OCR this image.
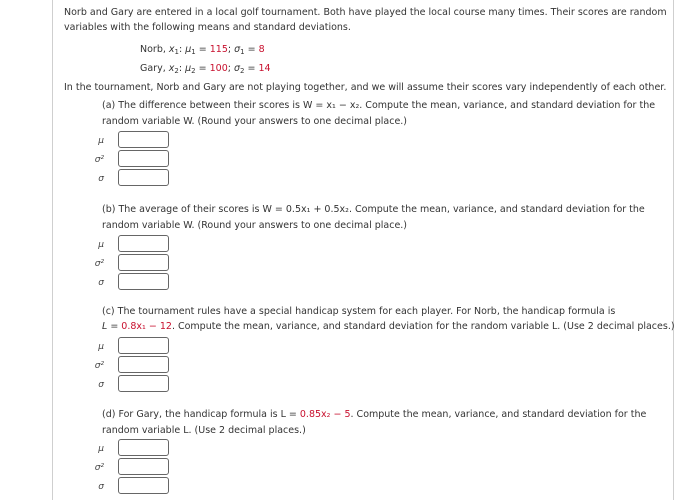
Norb and Gary are entered in a local golf tournament. Both have played the local course many times. Their scores are random
variables with the following means and standard deviations.
Norb, $x_1$: $\mu_1 = 115$; $\sigma_1 = 8$
Gary, $x_2$: $\mu_2 = 100$; $\sigma_2 = 14$
In the tournament, Norb and Gary are not playing together, and we will assume their scores vary independently of each other.
(a) The difference between their scores is W = x₁ − x₂. Compute the mean, variance, and standard deviation for the
random variable W. (Round your answers to one decimal place.)
μ
σ²
σ
(b) The average of their scores is W = 0.5x₁ + 0.5x₂. Compute the mean, variance, and standard deviation for the
random variable W. (Round your answers to one decimal place.)
μ
σ²
σ
(c) The tournament rules have a special handicap system for each player. For Norb, the handicap formula is
L = 0.8x₁ − 12. Compute the mean, variance, and standard deviation for the random variable L. (Use 2 decimal places.)
μ
σ²
σ
(d) For Gary, the handicap formula is L = 0.85x₂ − 5. Compute the mean, variance, and standard deviation for the
random variable L. (Use 2 decimal places.)
μ
σ²
σ
